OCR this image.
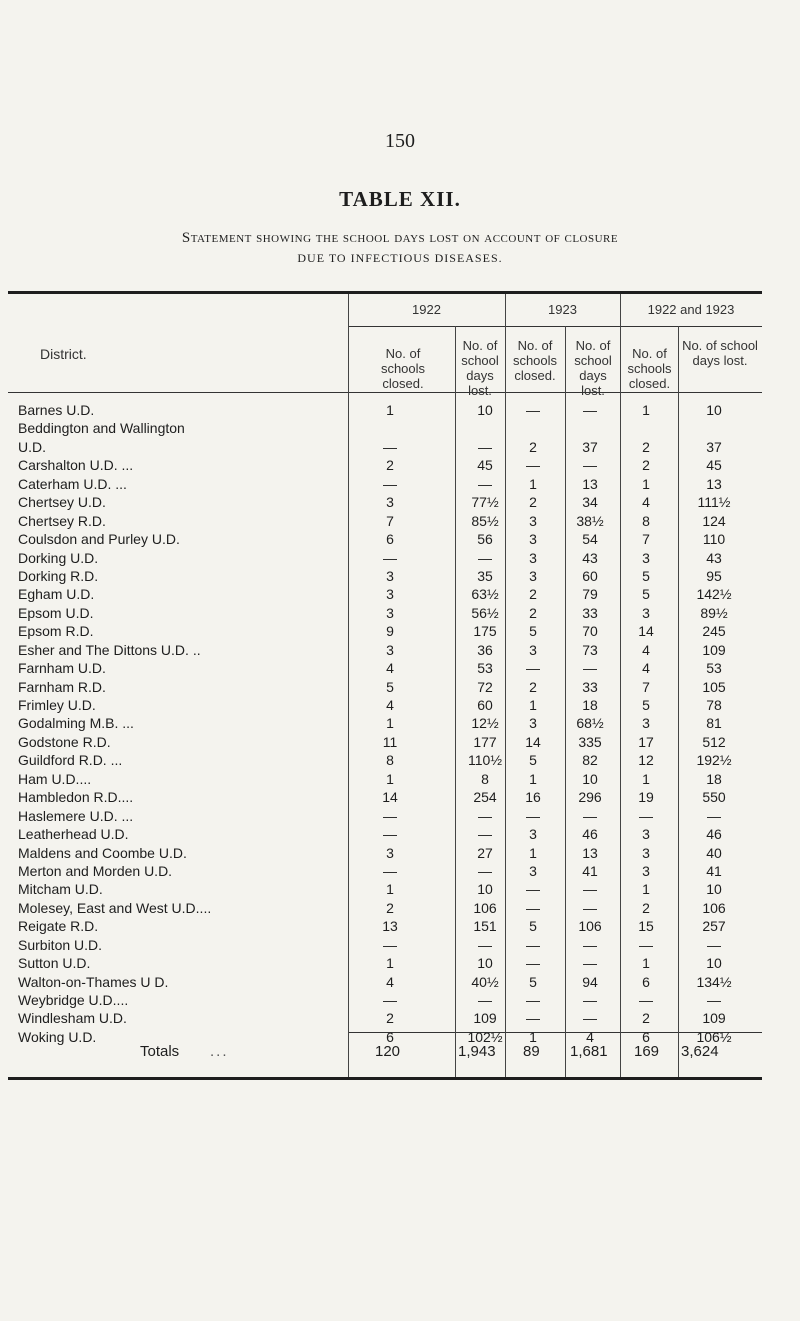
150
TABLE XII.
Statement showing the school days lost on account of closure
DUE TO INFECTIOUS DISEASES.
District.
1922	1923	1922 and 1923
No. of schools closed.
No. of school days lost.
No. of schools closed.
No. of school days lost.
No. of schools closed.
No. of school days lost.
Barnes U.D.	1	10	—	—	1	10
Beddington and Wallington
U.D.	—	—	2	37	2	37
Carshalton U.D. ...	2	45	—	—	2	45
Caterham U.D. ...	—	—	1	13	1	13
Chertsey U.D.	3	77½	2	34	4	111½
Chertsey R.D.	7	85½	3	38½	8	124
Coulsdon and Purley U.D.	6	56	3	54	7	110
Dorking U.D.	—	—	3	43	3	43
Dorking R.D.	3	35	3	60	5	95
Egham U.D.	3	63½	2	79	5	142½
Epsom U.D.	3	56½	2	33	3	89½
Epsom R.D.	9	175	5	70	14	245
Esher and The Dittons U.D. ..	3	36	3	73	4	109
Farnham U.D.	4	53	—	—	4	53
Farnham R.D.	5	72	2	33	7	105
Frimley U.D.	4	60	1	18	5	78
Godalming M.B. ...	1	12½	3	68½	3	81
Godstone R.D.	11	177	14	335	17	512
Guildford R.D. ...	8	110½	5	82	12	192½
Ham U.D....	1	8	1	10	1	18
Hambledon R.D....	14	254	16	296	19	550
Haslemere U.D. ...	—	—	—	—	—	—
Leatherhead U.D.	—	—	3	46	3	46
Maldens and Coombe U.D.	3	27	1	13	3	40
Merton and Morden U.D.	—	—	3	41	3	41
Mitcham U.D.	1	10	—	—	1	10
Molesey, East and West U.D....	2	106	—	—	2	106
Reigate R.D.	13	151	5	106	15	257
Surbiton U.D.	—	—	—	—	—	—
Sutton U.D.	1	10	—	—	1	10
Walton-on-Thames U D.	4	40½	5	94	6	134½
Weybridge U.D....	—	—	—	—	—	—
Windlesham U.D.	2	109	—	—	2	109
Woking U.D.	6	102½	1	4	6	106½
Totals ...	120	1,943 89 1,681 169 3,624
